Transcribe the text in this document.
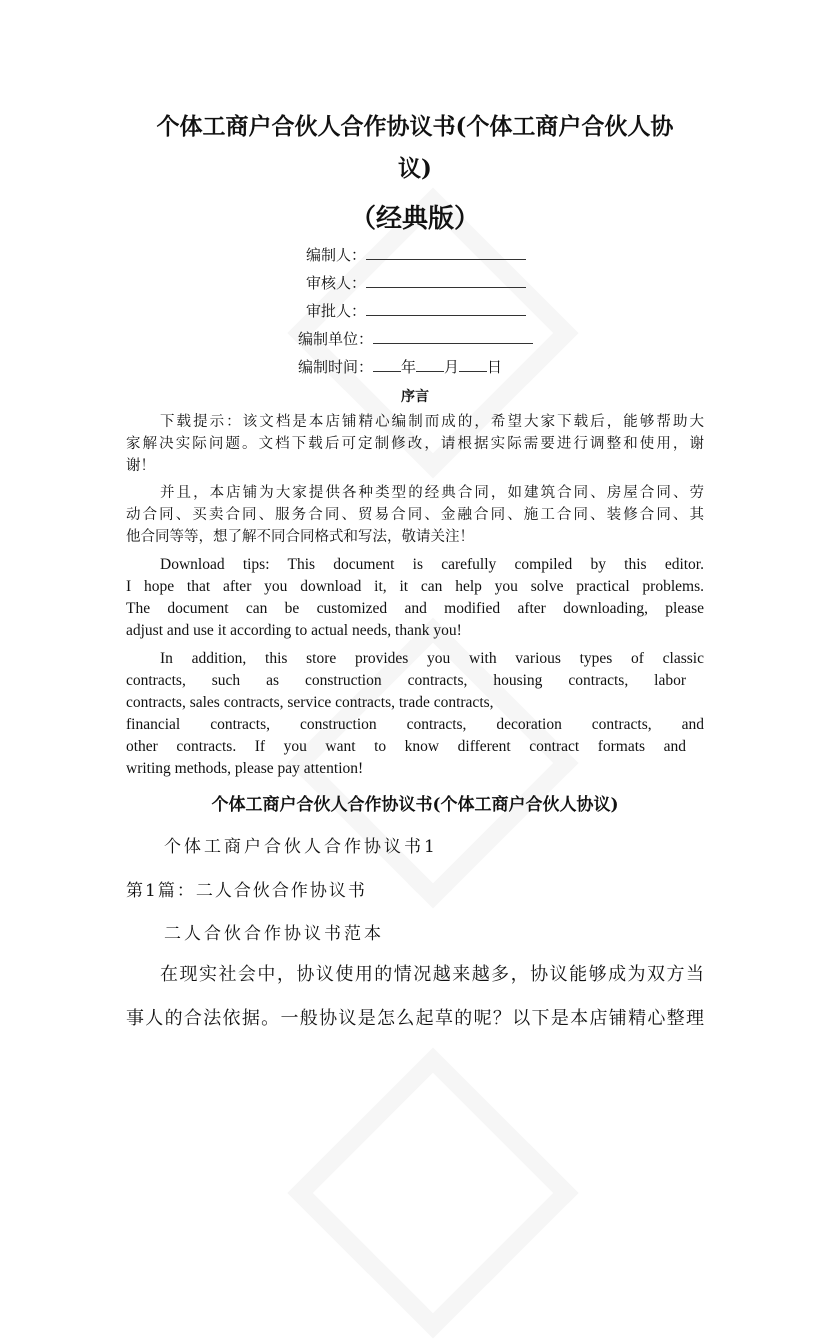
个体工商户合伙人合作协议书(个体工商户合伙人协
议)
（经典版）
编制人：
审核人：
审批人：
编制单位：
编制时间： 年 月 日
序言
下载提示：该文档是本店铺精心编制而成的，希望大家下载后，能够帮助大
家解决实际问题。文档下载后可定制修改，请根据实际需要进行调整和使用，谢
谢！
并且，本店铺为大家提供各种类型的经典合同，如建筑合同、房屋合同、劳
动合同、买卖合同、服务合同、贸易合同、金融合同、施工合同、装修合同、其
他合同等等，想了解不同合同格式和写法，敬请关注！
Download tips: This document is carefully compiled by this editor.
I hope that after you download it, it can help you solve practical problems.
The document can be customized and modified after downloading, please
adjust and use it according to actual needs, thank you!
In addition, this store provides you with various types of classic
contracts, such as construction contracts, housing contracts, labor
contracts, sales contracts, service contracts, trade contracts,
financial contracts, construction contracts, decoration contracts, and
other contracts. If you want to know different contract formats and
writing methods, please pay attention!
个体工商户合伙人合作协议书(个体工商户合伙人协议)
个体工商户合伙人合作协议书1
第1篇：二人合伙合作协议书
二人合伙合作协议书范本
在现实社会中，协议使用的情况越来越多，协议能够成为双方当
事人的合法依据。一般协议是怎么起草的呢？以下是本店铺精心整理
